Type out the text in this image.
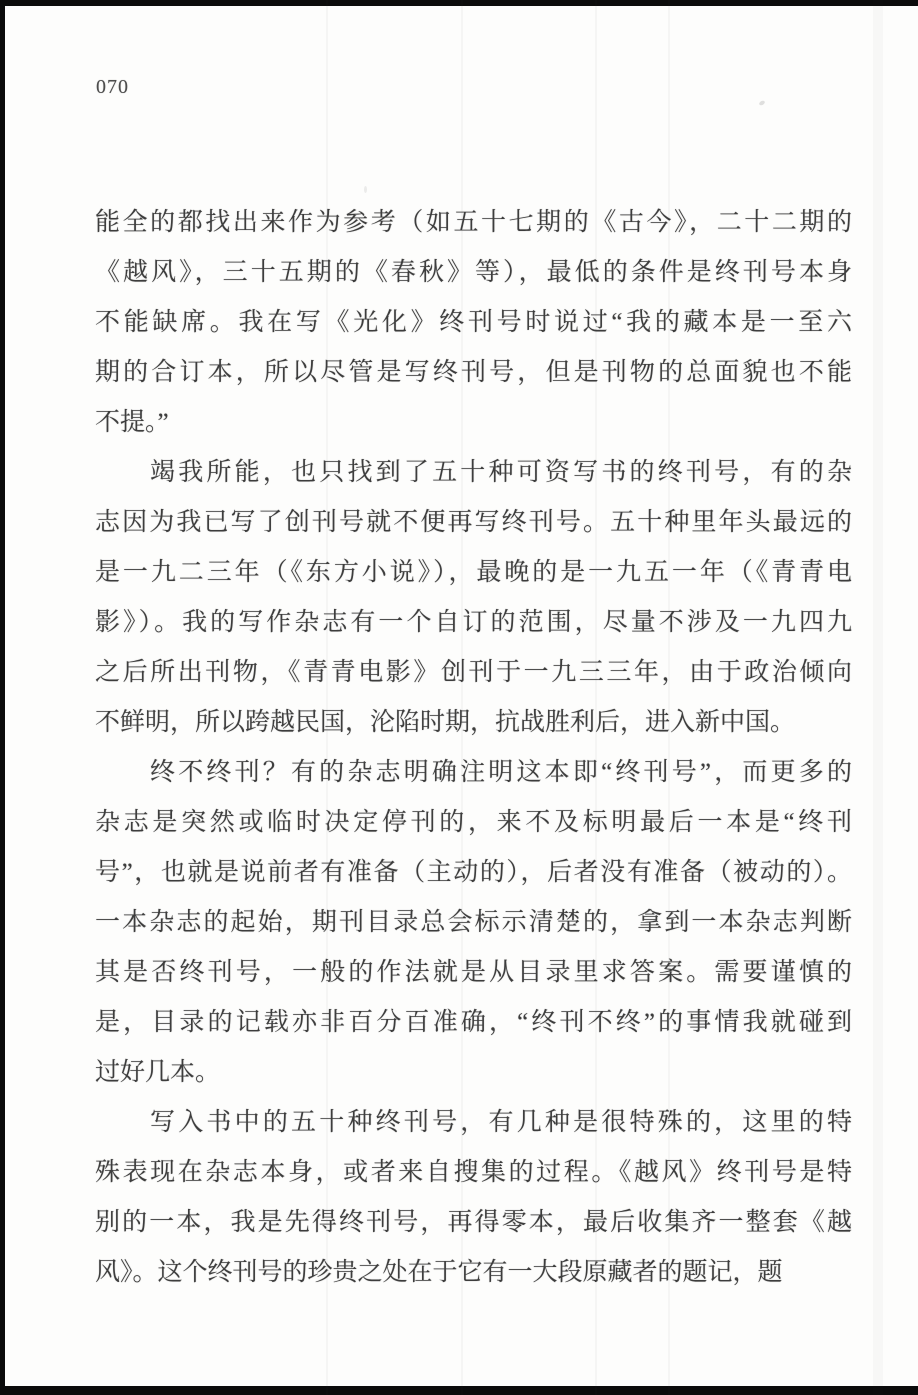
070
能全的都找出来作为参考（如五十七期的《古今》，二十二期的
《越风》，三十五期的《春秋》等），最低的条件是终刊号本身
不能缺席。我在写《光化》终刊号时说过“我的藏本是一至六
期的合订本，所以尽管是写终刊号，但是刊物的总面貌也不能
不提。”
竭我所能，也只找到了五十种可资写书的终刊号，有的杂
志因为我已写了创刊号就不便再写终刊号。五十种里年头最远的
是一九二三年（《东方小说》），最晚的是一九五一年（《青青电
影》）。我的写作杂志有一个自订的范围，尽量不涉及一九四九
之后所出刊物，《青青电影》创刊于一九三三年，由于政治倾向
不鲜明，所以跨越民国，沦陷时期，抗战胜利后，进入新中国。
终不终刊？有的杂志明确注明这本即“终刊号”，而更多的
杂志是突然或临时决定停刊的，来不及标明最后一本是“终刊
号”，也就是说前者有准备（主动的），后者没有准备（被动的）。
一本杂志的起始，期刊目录总会标示清楚的，拿到一本杂志判断
其是否终刊号，一般的作法就是从目录里求答案。需要谨慎的
是，目录的记载亦非百分百准确，“终刊不终”的事情我就碰到
过好几本。
写入书中的五十种终刊号，有几种是很特殊的，这里的特
殊表现在杂志本身，或者来自搜集的过程。《越风》终刊号是特
别的一本，我是先得终刊号，再得零本，最后收集齐一整套《越
风》。这个终刊号的珍贵之处在于它有一大段原藏者的题记，题
